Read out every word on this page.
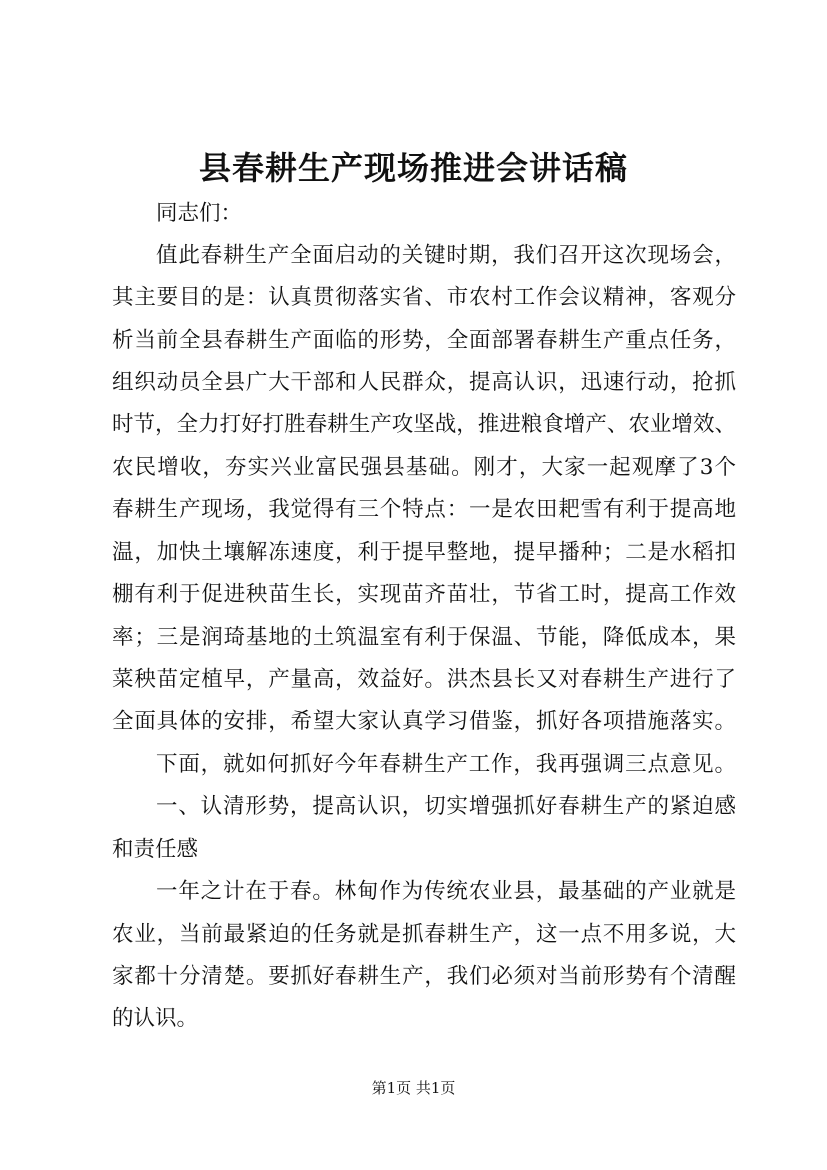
县春耕生产现场推进会讲话稿
同志们：
值此春耕生产全面启动的关键时期，我们召开这次现场会，
其主要目的是：认真贯彻落实省、市农村工作会议精神，客观分
析当前全县春耕生产面临的形势，全面部署春耕生产重点任务，
组织动员全县广大干部和人民群众，提高认识，迅速行动，抢抓
时节，全力打好打胜春耕生产攻坚战，推进粮食增产、农业增效、
农民增收，夯实兴业富民强县基础。刚才，大家一起观摩了3个
春耕生产现场，我觉得有三个特点：一是农田耙雪有利于提高地
温，加快土壤解冻速度，利于提早整地，提早播种；二是水稻扣
棚有利于促进秧苗生长，实现苗齐苗壮，节省工时，提高工作效
率；三是润琦基地的土筑温室有利于保温、节能，降低成本，果
菜秧苗定植早，产量高，效益好。洪杰县长又对春耕生产进行了
全面具体的安排，希望大家认真学习借鉴，抓好各项措施落实。
下面，就如何抓好今年春耕生产工作，我再强调三点意见。
一、认清形势，提高认识，切实增强抓好春耕生产的紧迫感
和责任感
一年之计在于春。林甸作为传统农业县，最基础的产业就是
农业，当前最紧迫的任务就是抓春耕生产，这一点不用多说，大
家都十分清楚。要抓好春耕生产，我们必须对当前形势有个清醒
的认识。
第1页 共1页
